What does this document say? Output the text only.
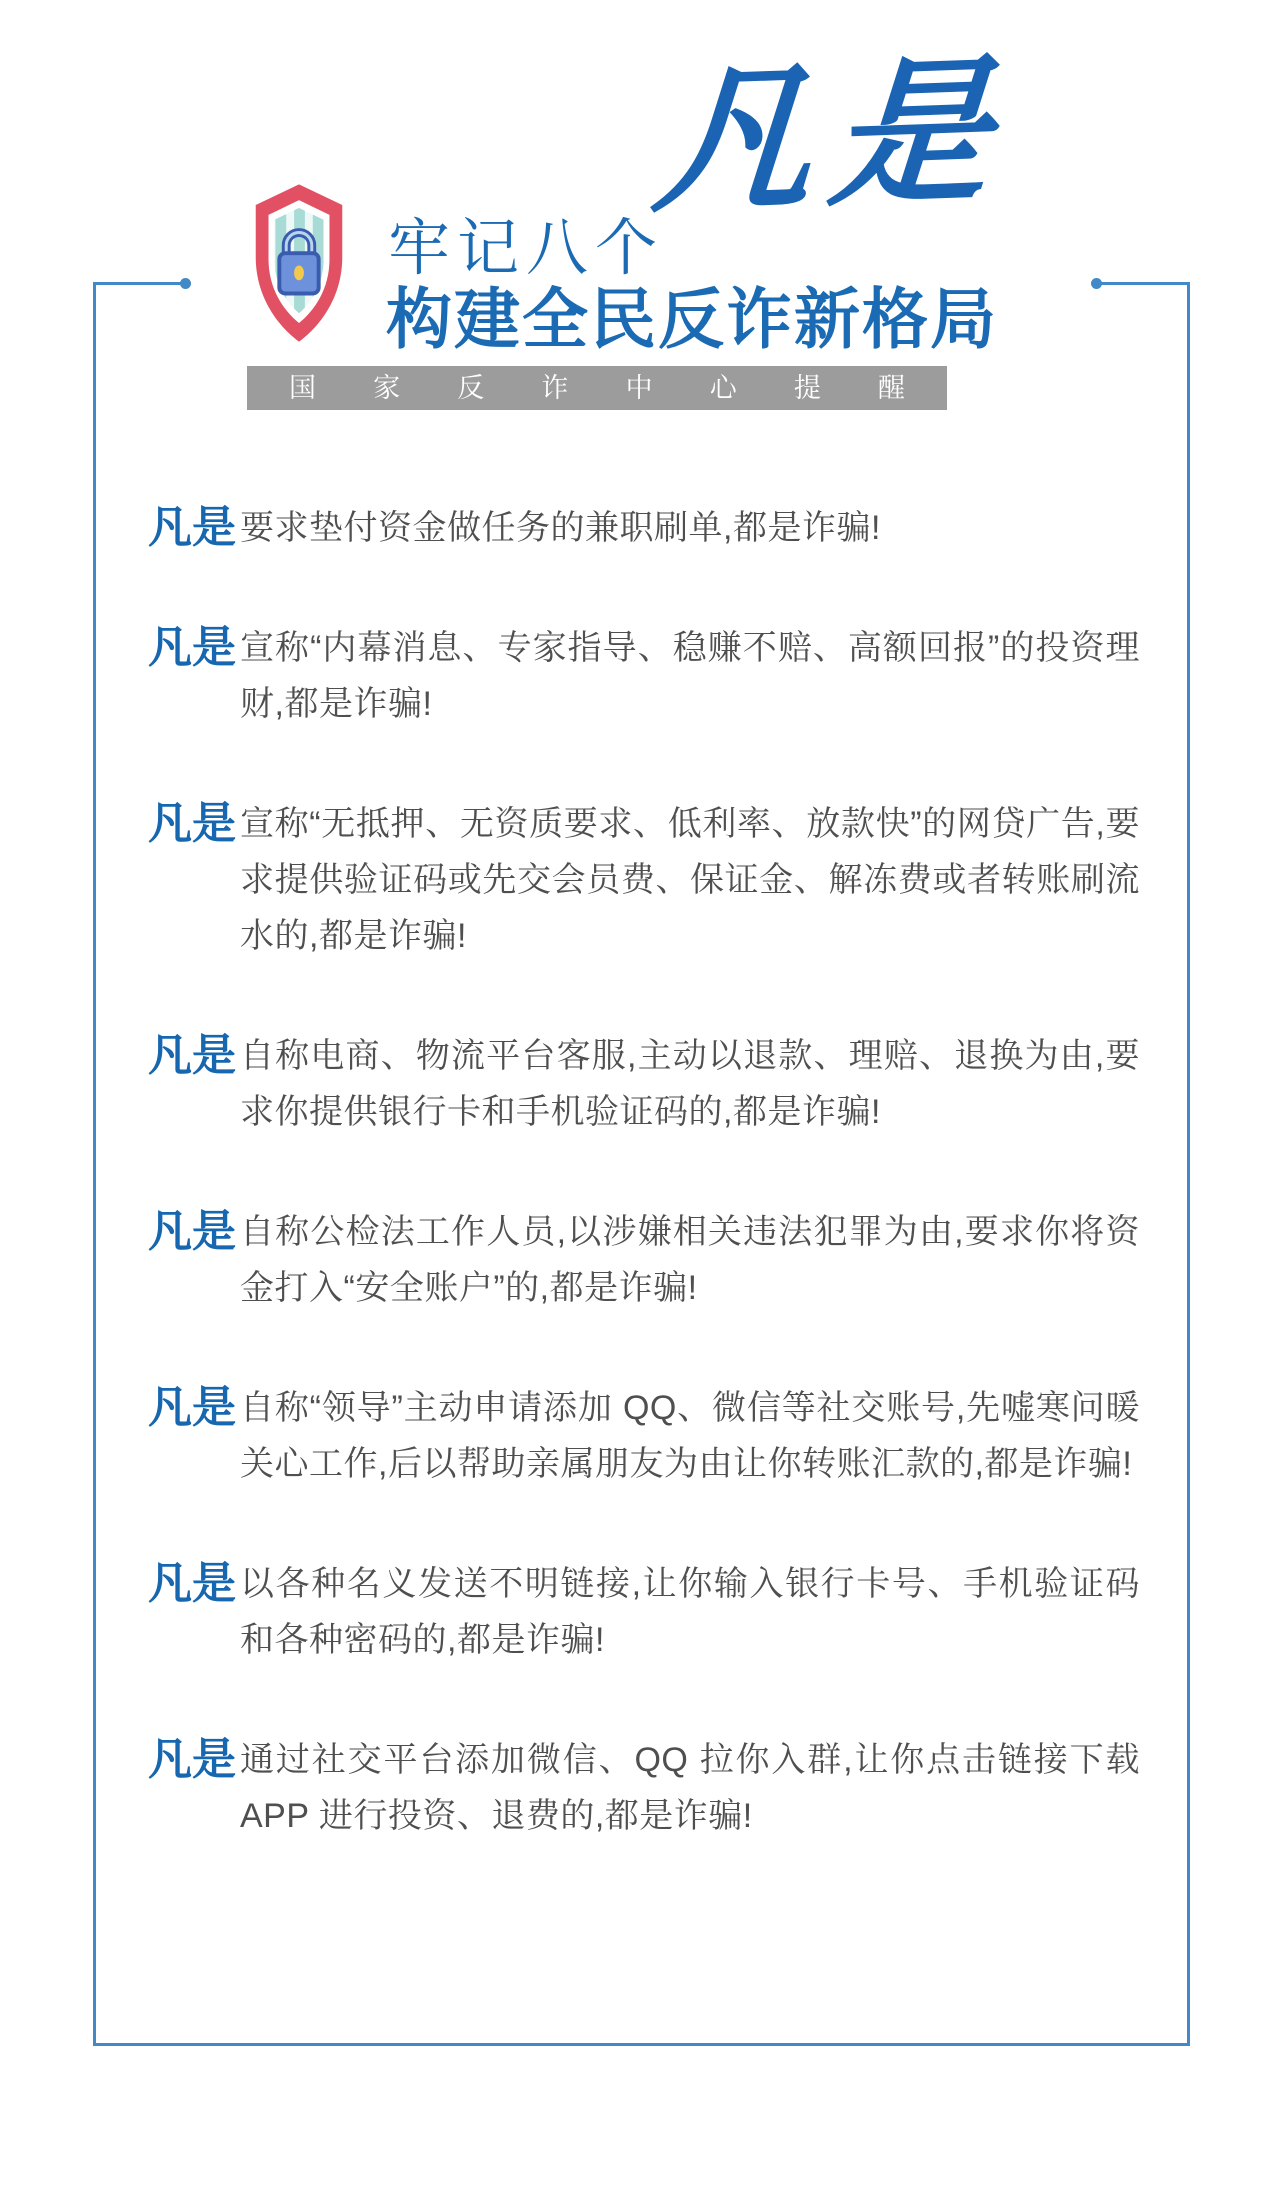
牢记八个
凡是
构建全民反诈新格局
国 家 反 诈 中 心 提 醒
凡是 要求垫付资金做任务的兼职刷单,都是诈骗!

凡是 宣称“内幕消息、专家指导、稳赚不赔、高额回报”的投资理财,都是诈骗!

凡是 宣称“无抵押、无资质要求、低利率、放款快”的网贷广告,要求提供验证码或先交会员费、保证金、解冻费或者转账刷流水的,都是诈骗!

凡是 自称电商、物流平台客服,主动以退款、理赔、退换为由,要求你提供银行卡和手机验证码的,都是诈骗!

凡是 自称公检法工作人员,以涉嫌相关违法犯罪为由,要求你将资金打入“安全账户”的,都是诈骗!

凡是 自称“领导”主动申请添加 QQ、微信等社交账号,先嘘寒问暖关心工作,后以帮助亲属朋友为由让你转账汇款的,都是诈骗!

凡是 以各种名义发送不明链接,让你输入银行卡号、手机验证码和各种密码的,都是诈骗!

凡是 通过社交平台添加微信、QQ 拉你入群,让你点击链接下载 APP 进行投资、退费的,都是诈骗!
